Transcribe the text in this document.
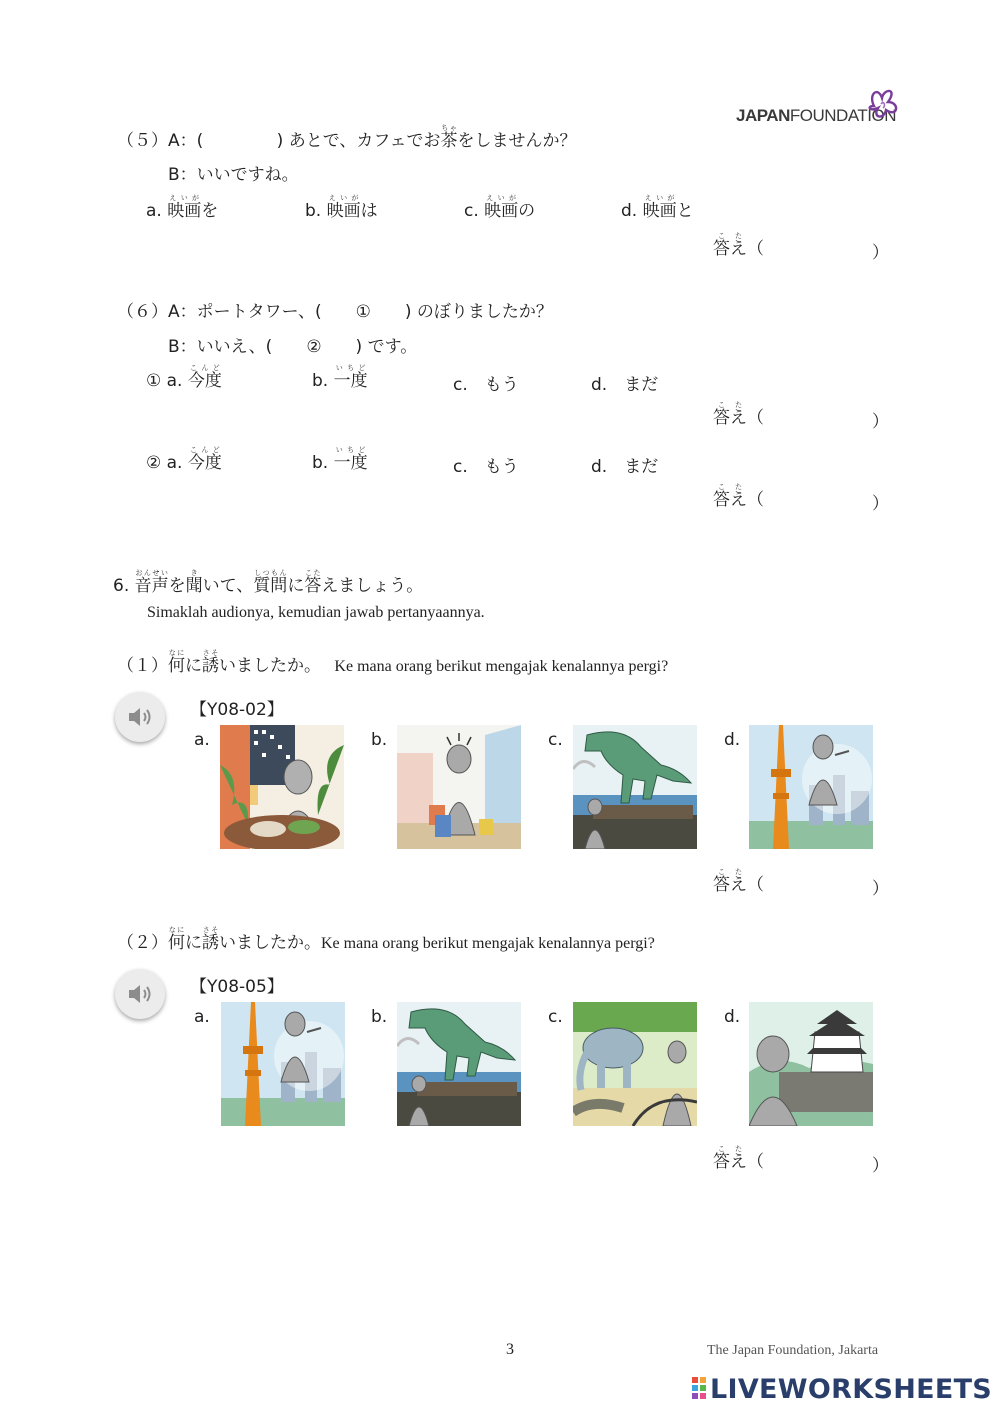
JAPANFOUNDATION
（５）A：(　　　　 ) あとで、カフェでお茶ちゃをしませんか？
B：いいですね。
a. 映画えいがを	b. 映画えいがは	c. 映画えいがの	d. 映画えいがと
答えこた（	）
（６）A：ポートタワー、(　　①　　) のぼりましたか？
B：いいえ、(　　②　　) です。
① a. 今度こんど
b. 一度いちど
c.　もう	d.　まだ
答えこた（	）
② a. 今度こんど
b. 一度いちど
c.　もう	d.　まだ
答えこた（	）
6. 音声おんせいを聞きいて、質問しつもんに答こたえましょう。
Simaklah audionya, kemudian jawab pertanyaannya.
（１）何なにに誘さそいましたか。 Ke mana orang berikut mengajak kenalannya pergi?
【Y08-02】
a.	b.	c.	d.
答えこた（	）
（２）何なにに誘さそいましたか。Ke mana orang berikut mengajak kenalannya pergi?
【Y08-05】
a.	b.	c.	d.
答えこた（	）
3	The Japan Foundation, Jakarta
LIVEWORKSHEETS
